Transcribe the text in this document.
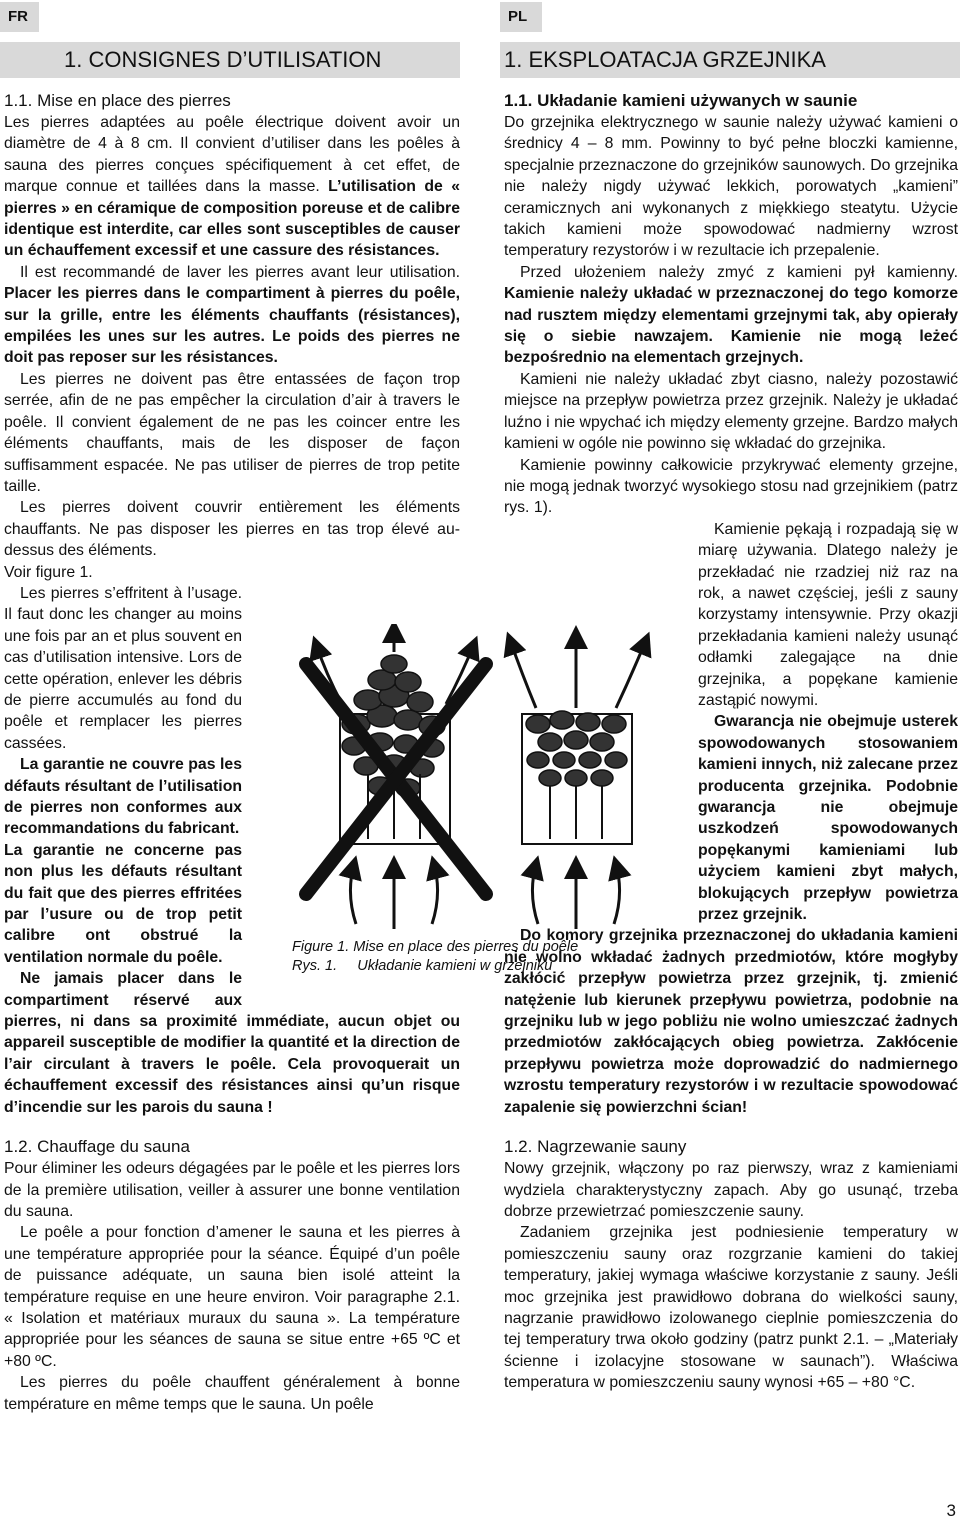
FR	PL
1. CONSIGNES D’UTILISATION	1. EKSPLOATACJA GRZEJNIKA
1.1. Mise en place des pierres

Les pierres adaptées au poêle électrique doivent avoir un diamètre de 4 à 8 cm. Il convient d’utiliser dans les poêles à sauna des pierres conçues spécifiquement à cet effet, de marque connue et taillées dans la masse. L’utilisation de « pierres » en céramique de composition poreuse et de calibre identique est interdite, car elles sont susceptibles de causer un échauffement excessif et une cassure des résistances.

Il est recommandé de laver les pierres avant leur utilisation. Placer les pierres dans le compartiment à pierres du poêle, sur la grille, entre les éléments chauffants (résistances), empilées les unes sur les autres. Le poids des pierres ne doit pas reposer sur les résistances.

Les pierres ne doivent pas être entassées de façon trop serrée, afin de ne pas empêcher la circulation d’air à travers le poêle. Il convient également de ne pas les coincer entre les éléments chauffants, mais de les disposer de façon suffisamment espacée. Ne pas utiliser de pierres de trop petite taille.

Les pierres doivent couvrir entièrement les éléments chauffants. Ne pas disposer les pierres en tas trop élevé au-dessus des éléments.

Voir figure 1.

Les pierres s’effritent à l’usage. Il faut donc les changer au moins une fois par an et plus souvent en cas d’utilisation intensive. Lors de cette opération, enlever les débris de pierre accumulés au fond du poêle et remplacer les pierres cassées.

La garantie ne couvre pas les défauts résultant de l’utilisation de pierres non conformes aux recommandations du fabricant.

La garantie ne concerne pas non plus les défauts résultant du fait que des pierres effritées par l’usure ou de trop petit calibre ont obstrué la ventilation normale du poêle.

Ne jamais placer dans le compartiment réservé aux pierres, ni dans sa proximité immédiate, aucun objet ou appareil susceptible de modifier la quantité et la direction de l’air circulant à travers le poêle. Cela provoquerait un échauffement excessif des résistances ainsi qu’un risque d’incendie sur les parois du sauna !

1.2. Chauffage du sauna

Pour éliminer les odeurs dégagées par le poêle et les pierres lors de la première utilisation, veiller à assurer une bonne ventilation du sauna.

Le poêle a pour fonction d’amener le sauna et les pierres à une température appropriée pour la séance. Équipé d’un poêle de puissance adéquate, un sauna bien isolé atteint la température requise en une heure environ. Voir paragraphe 2.1. « Isolation et matériaux muraux du sauna ». La température appropriée pour les séances de sauna se situe entre +65 ºC et +80 ºC.

Les pierres du poêle chauffent généralement à bonne température en même temps que le sauna. Un poêle

1.1. Układanie kamieni używanych w saunie

Do grzejnika elektrycznego w saunie należy używać kamieni o średnicy 4 – 8 mm. Powinny to być pełne bloczki kamienne, specjalnie przeznaczone do grzejników saunowych. Do grzejnika nie należy nigdy używać lekkich, porowatych „kamieni” ceramicznych ani wykonanych z miękkiego steatytu. Użycie takich kamieni może spowodować nadmierny wzrost temperatury rezystorów i w rezultacie ich przepalenie.

Przed ułożeniem należy zmyć z kamieni pył kamienny. Kamienie należy układać w przeznaczonej do tego komorze nad rusztem między elementami grzejnymi tak, aby opierały się o siebie nawzajem. Kamienie nie mogą leżeć bezpośrednio na elementach grzejnych.

Kamieni nie należy układać zbyt ciasno, należy pozostawić miejsce na przepływ powietrza przez grzejnik. Należy je układać luźno i nie wpychać ich między elementy grzejne. Bardzo małych kamieni w ogóle nie powinno się wkładać do grzejnika.

Kamienie powinny całkowicie przykrywać elementy grzejne, nie mogą jednak tworzyć wysokiego stosu nad grzejnikiem (patrz rys. 1).

Kamienie pękają i rozpadają się w miarę używania. Dlatego należy je przekładać nie rzadziej niż raz na rok, a nawet częściej, jeśli z sauny korzystamy intensywnie. Przy okazji przekładania kamieni należy usunąć odłamki zalegające na dnie grzejnika, a popękane kamienie zastąpić nowymi.

Gwarancja nie obejmuje usterek spowodowanych stosowaniem kamieni innych, niż zalecane przez producenta grzejnika. Podobnie gwarancja nie obejmuje uszkodzeń spowodowanych popękanymi kamieniami lub użyciem kamieni zbyt małych, blokujących przepływ powietrza przez grzejnik.

Do komory grzejnika przeznaczonej do układania kamieni nie wolno wkładać żadnych przedmiotów, które mogłyby zakłócić przepływ powietrza przez grzejnik, tj. zmienić natężenie lub kierunek przepływu powietrza, podobnie na grzejniku lub w jego pobliżu nie wolno umieszczać żadnych przedmiotów zakłócających obieg powietrza. Zakłócenie przepływu powietrza może doprowadzić do nadmiernego wzrostu temperatury rezystorów i w rezultacie spowodować zapalenie się powierzchni ścian!

1.2. Nagrzewanie sauny

Nowy grzejnik, włączony po raz pierwszy, wraz z kamieniami wydziela charakterystyczny zapach. Aby go usunąć, trzeba dobrze przewietrzać pomieszczenie sauny.

Zadaniem grzejnika jest podniesienie temperatury w pomieszczeniu sauny oraz rozgrzanie kamieni do takiej temperatury, jakiej wymaga właściwe korzystanie z sauny. Jeśli moc grzejnika jest prawidłowo dobrana do wielkości sauny, nagrzanie prawidłowo izolowanego cieplnie pomieszczenia do tej temperatury trwa około godziny (patrz punkt 2.1. – „Materiały ścienne i izolacyjne stosowane w saunach”). Właściwa temperatura w pomieszczeniu sauny wynosi +65 – +80 °C.

Figure 1. Mise en place des pierres du poêle
Rys. 1.     Układanie kamieni w grzejniku
3
